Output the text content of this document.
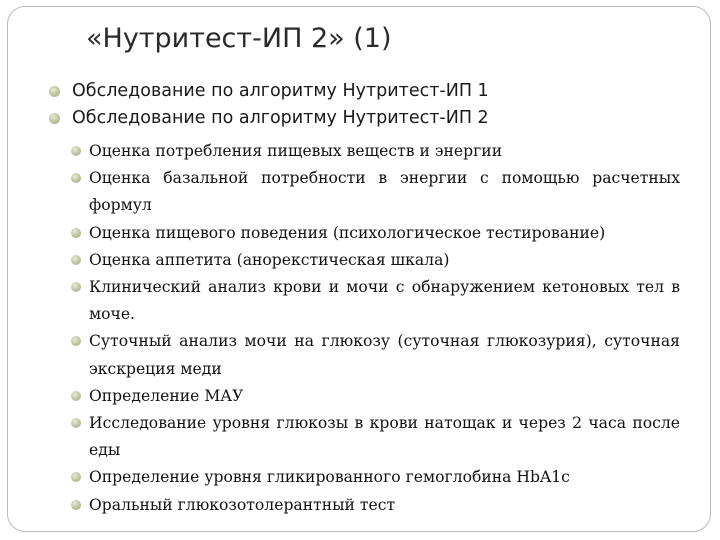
«Нутритест-ИП 2» (1)
Обследование по алгоритму Нутритест-ИП 1
Обследование по алгоритму Нутритест-ИП 2
Оценка потребления пищевых веществ и энергии
Оценка базальной потребности в энергии с помощью расчетных формул
Оценка пищевого поведения (психологическое тестирование)
Оценка аппетита (анорекстическая шкала)
Клинический анализ крови и мочи с обнаружением кетоновых тел в моче.
Суточный анализ мочи на глюкозу (суточная глюкозурия), суточная экскреция меди
Определение МАУ
Исследование уровня глюкозы в крови натощак и через 2 часа после еды
Определение уровня гликированного гемоглобина HbA1c
Оральный глюкозотолерантный тест
